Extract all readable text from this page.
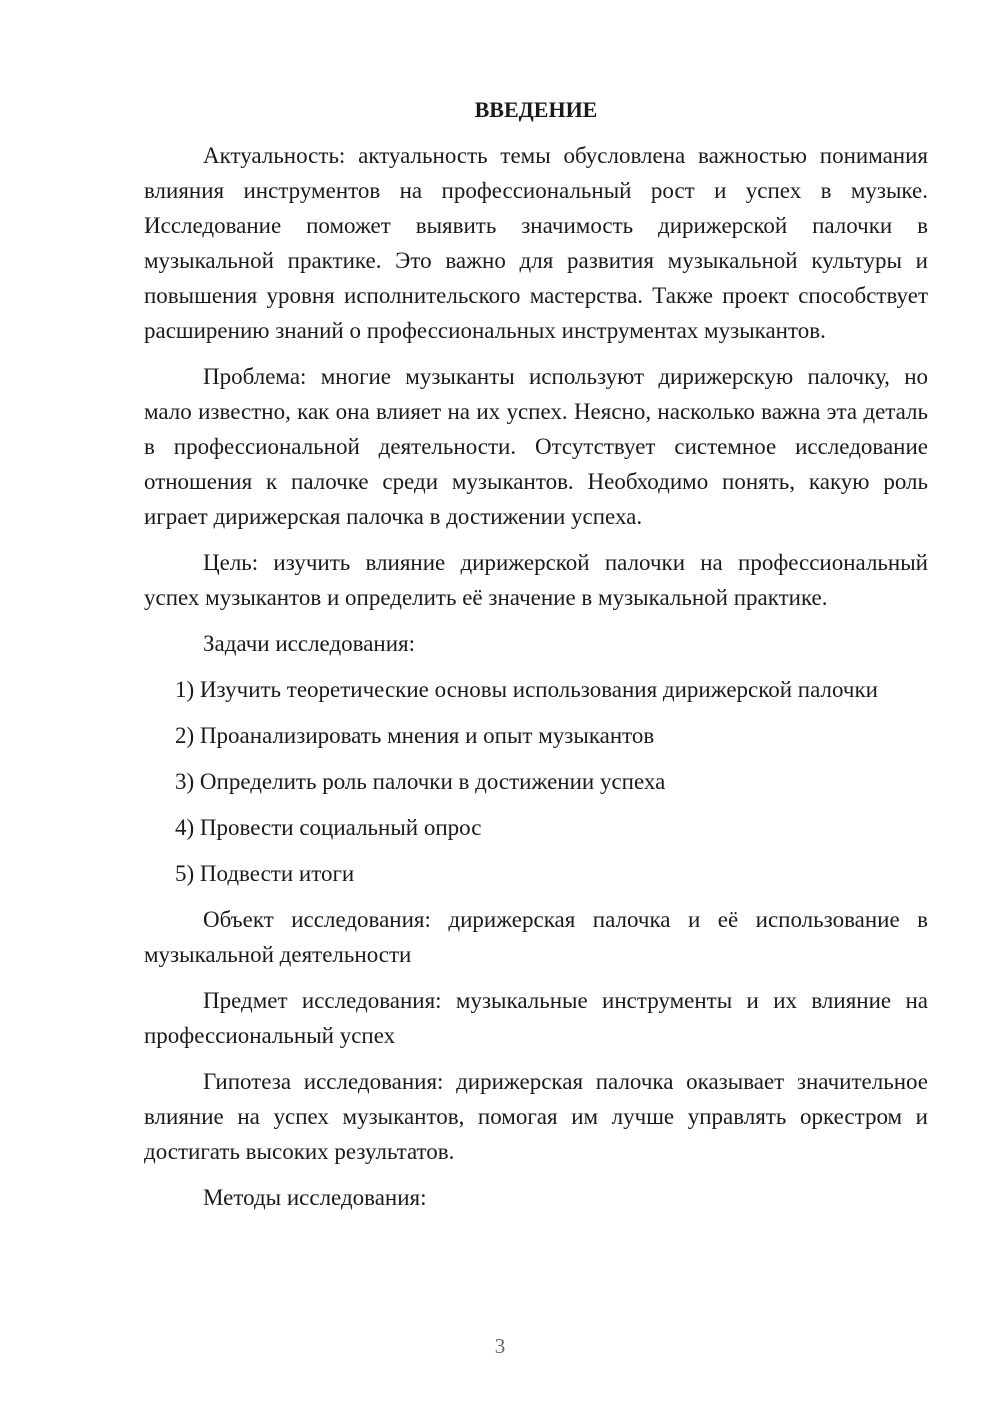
ВВЕДЕНИЕ

Актуальность: актуальность темы обусловлена важностью понимания влияния инструментов на профессиональный рост и успех в музыке. Исследование поможет выявить значимость дирижерской палочки в музыкальной практике. Это важно для развития музыкальной культуры и повышения уровня исполнительского мастерства. Также проект способствует расширению знаний о профессиональных инструментах музыкантов.

Проблема: многие музыканты используют дирижерскую палочку, но мало известно, как она влияет на их успех. Неясно, насколько важна эта деталь в профессиональной деятельности. Отсутствует системное исследование отношения к палочке среди музыкантов. Необходимо понять, какую роль играет дирижерская палочка в достижении успеха.

Цель: изучить влияние дирижерской палочки на профессиональный успех музыкантов и определить её значение в музыкальной практике.

Задачи исследования:

1) Изучить теоретические основы использования дирижерской палочки

2) Проанализировать мнения и опыт музыкантов

3) Определить роль палочки в достижении успеха

4) Провести социальный опрос

5) Подвести итоги

Объект исследования: дирижерская палочка и её использование в музыкальной деятельности

Предмет исследования: музыкальные инструменты и их влияние на профессиональный успех

Гипотеза исследования: дирижерская палочка оказывает значительное влияние на успех музыкантов, помогая им лучше управлять оркестром и достигать высоких результатов.

Методы исследования:

3
